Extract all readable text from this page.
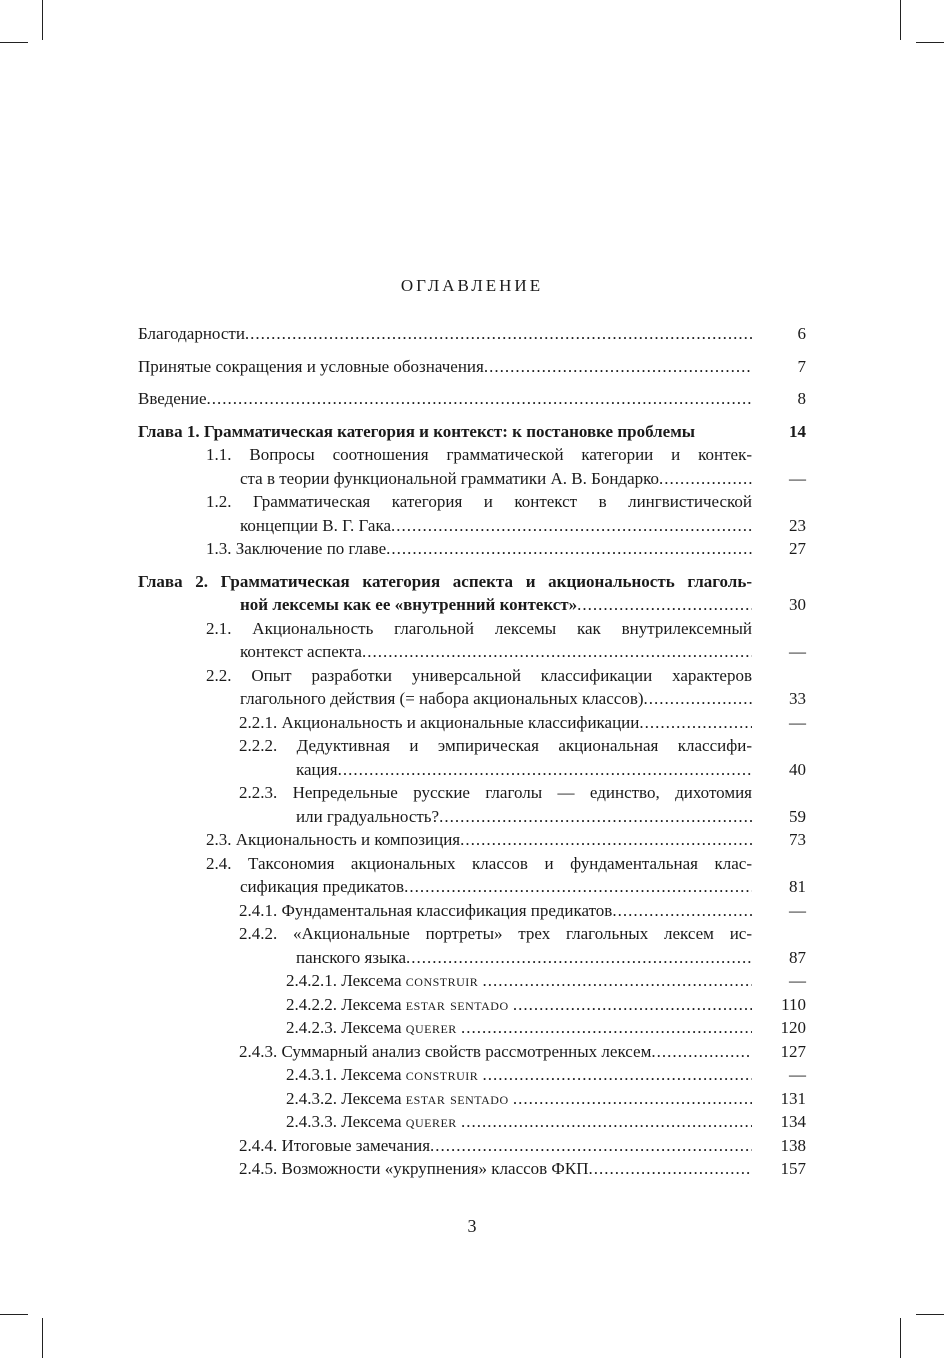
ОГЛАВЛЕНИЕ
Благодарности .....	6
Принятые сокращения и условные обозначения .....	7
Введение .....	8
Глава 1. Грамматическая категория и контекст: к постановке проблемы	14
1.1. Вопросы соотношения грамматической категории и контек-
ста в теории функциональной грамматики А. В. Бондарко .....	—
1.2. Грамматическая категория и контекст в лингвистической
концепции В. Г. Гака .....	23
1.3. Заключение по главе .....	27
Глава 2. Грамматическая категория аспекта и акциональность глаголь-
ной лексемы как ее «внутренний контекст» .....	30
2.1. Акциональность глагольной лексемы как внутрилексемный
контекст аспекта .....	—
2.2. Опыт разработки универсальной классификации характеров
глагольного действия (= набора акциональных классов) .....	33
2.2.1. Акциональность и акциональные классификации .....	—
2.2.2. Дедуктивная и эмпирическая акциональная классифи-
кация .....	40
2.2.3. Непредельные русские глаголы — единство, дихотомия
или градуальность? .....	59
2.3. Акциональность и композиция .....	73
2.4. Таксономия акциональных классов и фундаментальная клас-
сификация предикатов .....	81
2.4.1. Фундаментальная классификация предикатов .....	—
2.4.2. «Акциональные портреты» трех глагольных лексем ис-
панского языка .....	87
2.4.2.1. Лексема construir .....	—
2.4.2.2. Лексема estar sentado .....	110
2.4.2.3. Лексема querer .....	120
2.4.3. Суммарный анализ свойств рассмотренных лексем .....	127
2.4.3.1. Лексема construir .....	—
2.4.3.2. Лексема estar sentado .....	131
2.4.3.3. Лексема querer .....	134
2.4.4. Итоговые замечания .....	138
2.4.5. Возможности «укрупнения» классов ФКП .....	157
3
